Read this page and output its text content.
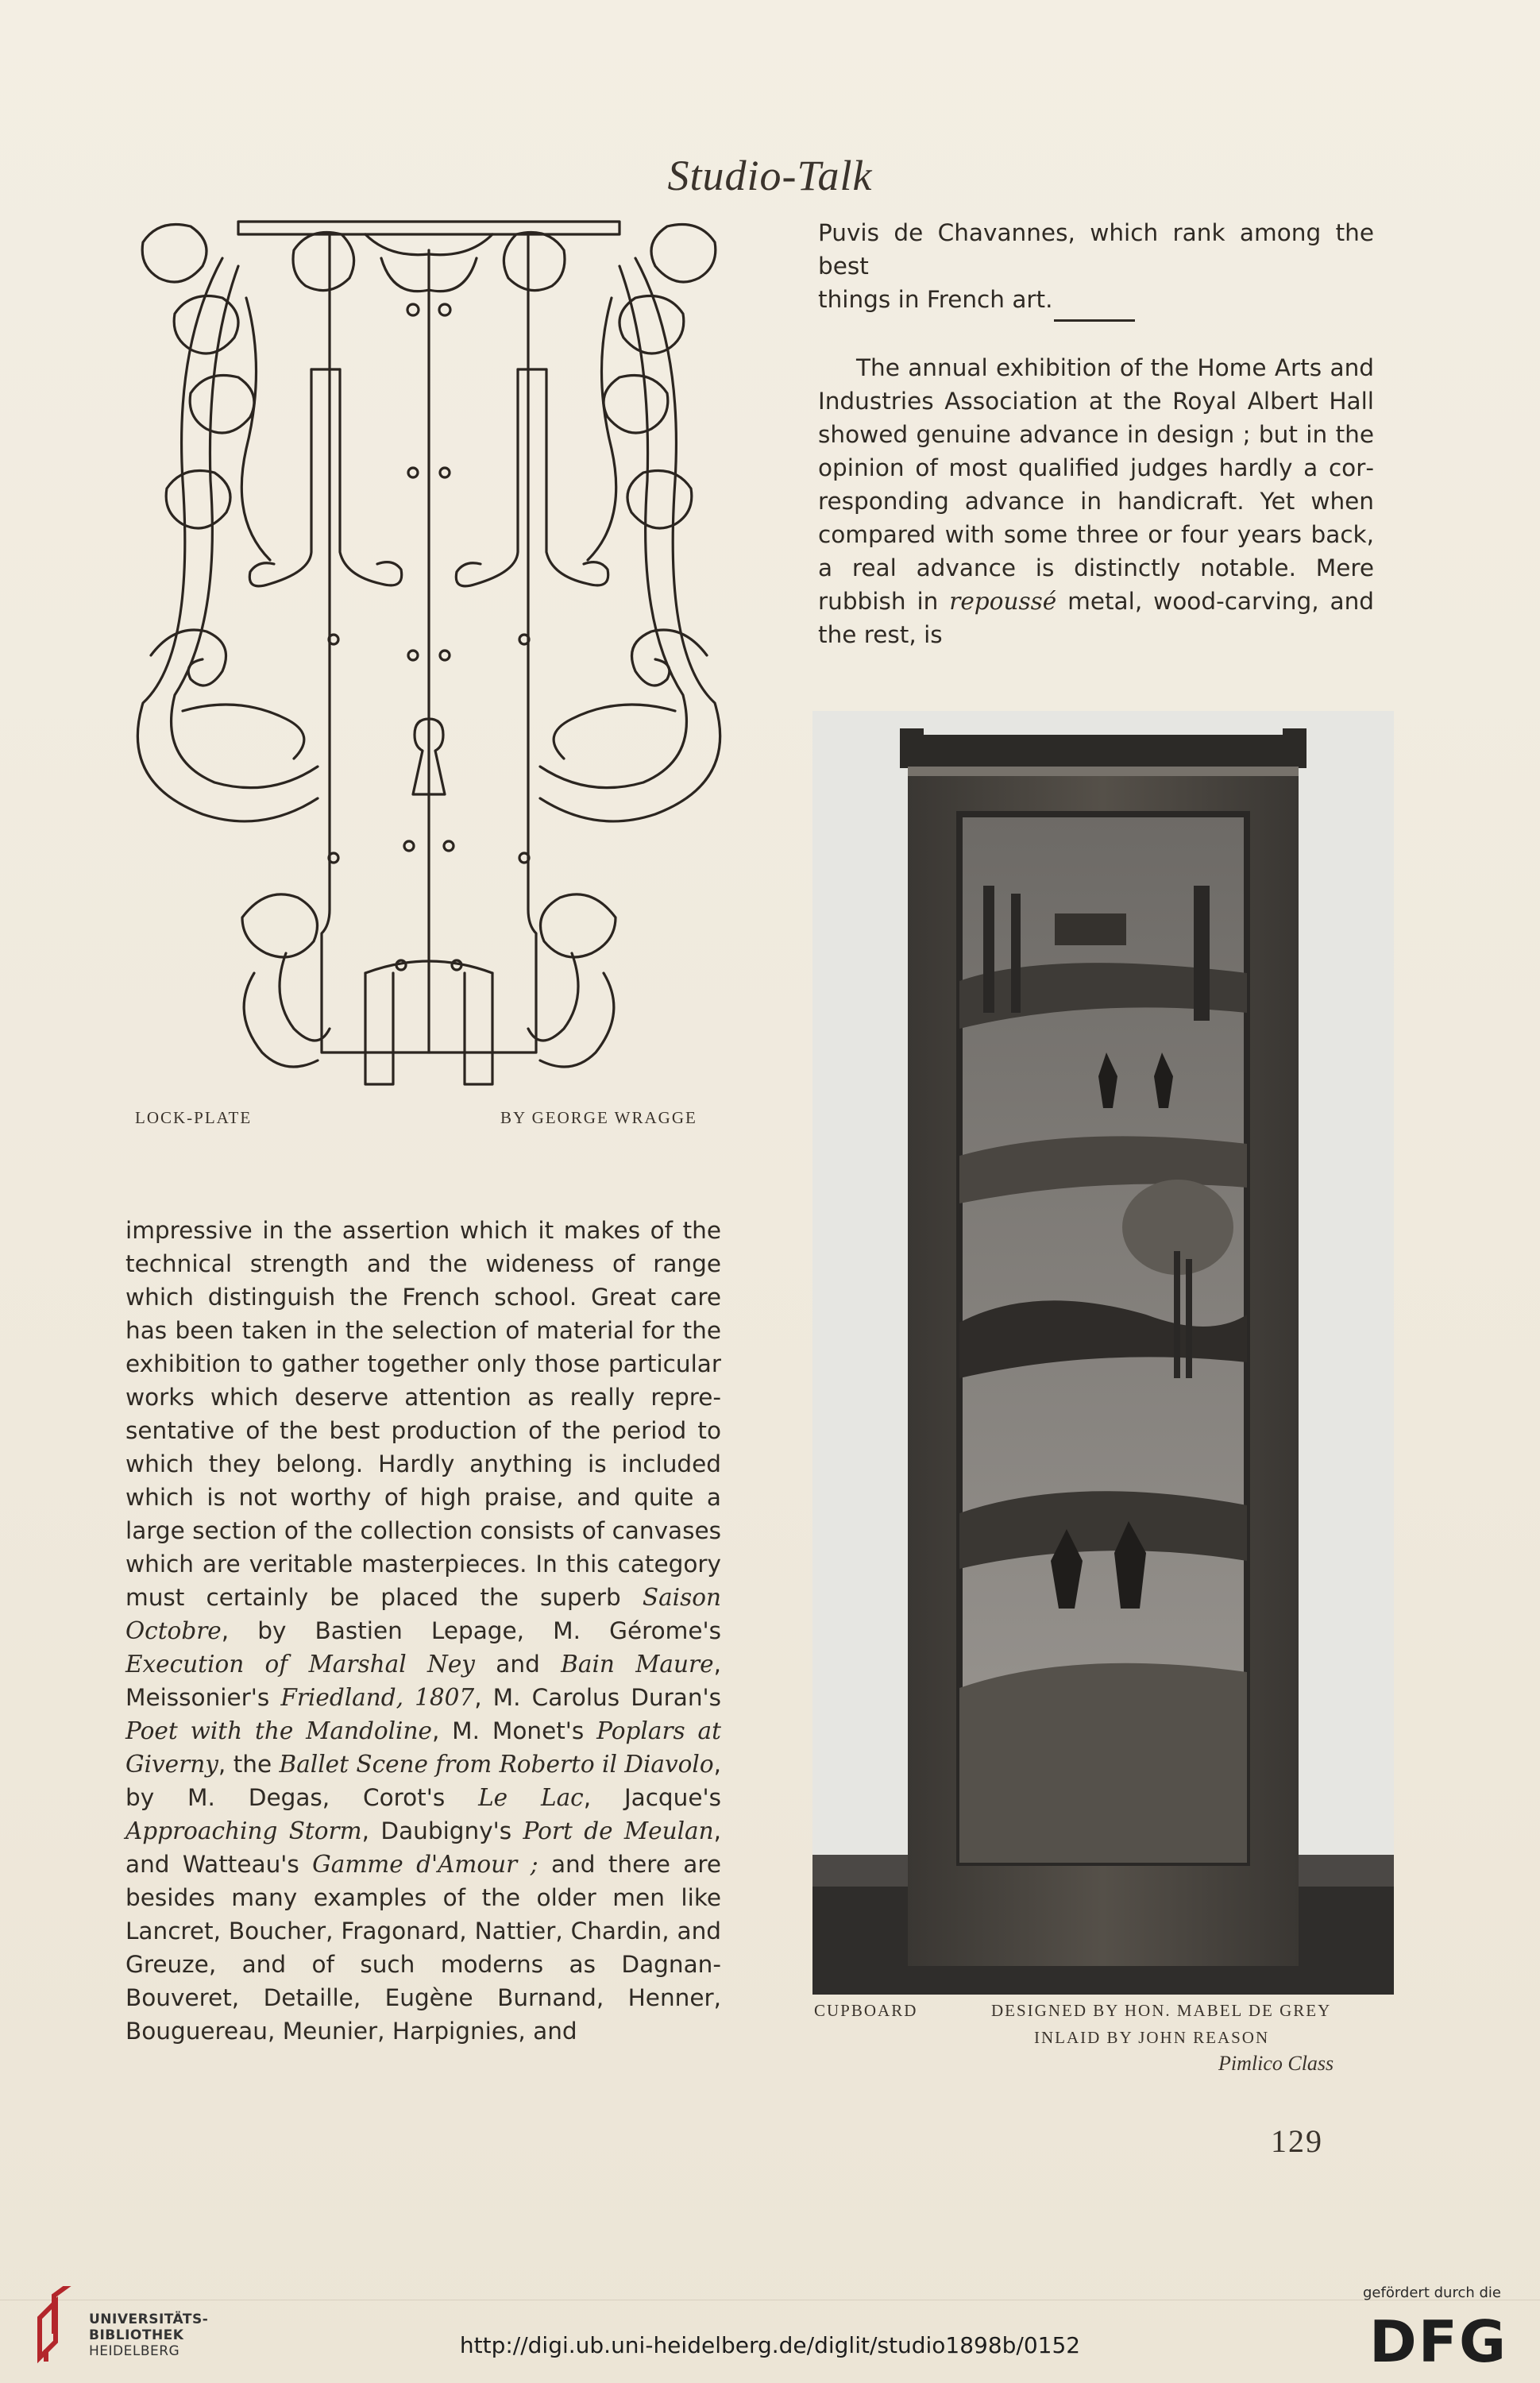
Studio-Talk
LOCK-PLATE	BY GEORGE WRAGGE

Puvis de Chavannes, which rank among the best

things in French art.

The annual exhibition of the Home Arts and Industries Association at the Royal Albert Hall showed genuine advance in design ; but in the opinion of most qualified judges hardly a corresponding advance in handicraft. Yet when compared with some three or four years back, a real advance is distinctly notable. Mere rubbish in repoussé metal, wood-carving, and the rest, is

impressive in the assertion which it makes of the technical strength and the wideness of range which distinguish the French school. Great care has been taken in the selection of material for the exhibition to gather together only those particular works which deserve attention as really representative of the best production of the period to which they belong. Hardly anything is included which is not worthy of high praise, and quite a large section of the collection consists of canvases which are veritable masterpieces. In this category must certainly be placed the superb Saison Octobre, by Bastien Lepage, M. Gérome's Execution of Marshal Ney and Bain Maure, Meissonier's Friedland, 1807, M. Carolus Duran's Poet with the Mandoline, M. Monet's Poplars at Giverny, the Ballet Scene from Roberto il Diavolo, by M. Degas, Corot's Le Lac, Jacque's Approaching Storm, Daubigny's Port de Meulan, and Watteau's Gamme d'Amour ; and there are besides many examples of the older men like Lancret, Boucher, Fragonard, Nattier, Chardin, and Greuze, and of such moderns as Dagnan-Bouveret, Detaille, Eugène Burnand, Henner, Bouguereau, Meunier, Harpignies, and

CUPBOARD	DESIGNED BY HON. MABEL DE GREY
INLAID BY JOHN REASON
Pimlico Class
129
UNIVERSITÄTS-
BIBLIOTHEK
HEIDELBERG	http://digi.ub.uni-heidelberg.de/diglit/studio1898b/0152
gefördert durch die
DFG
